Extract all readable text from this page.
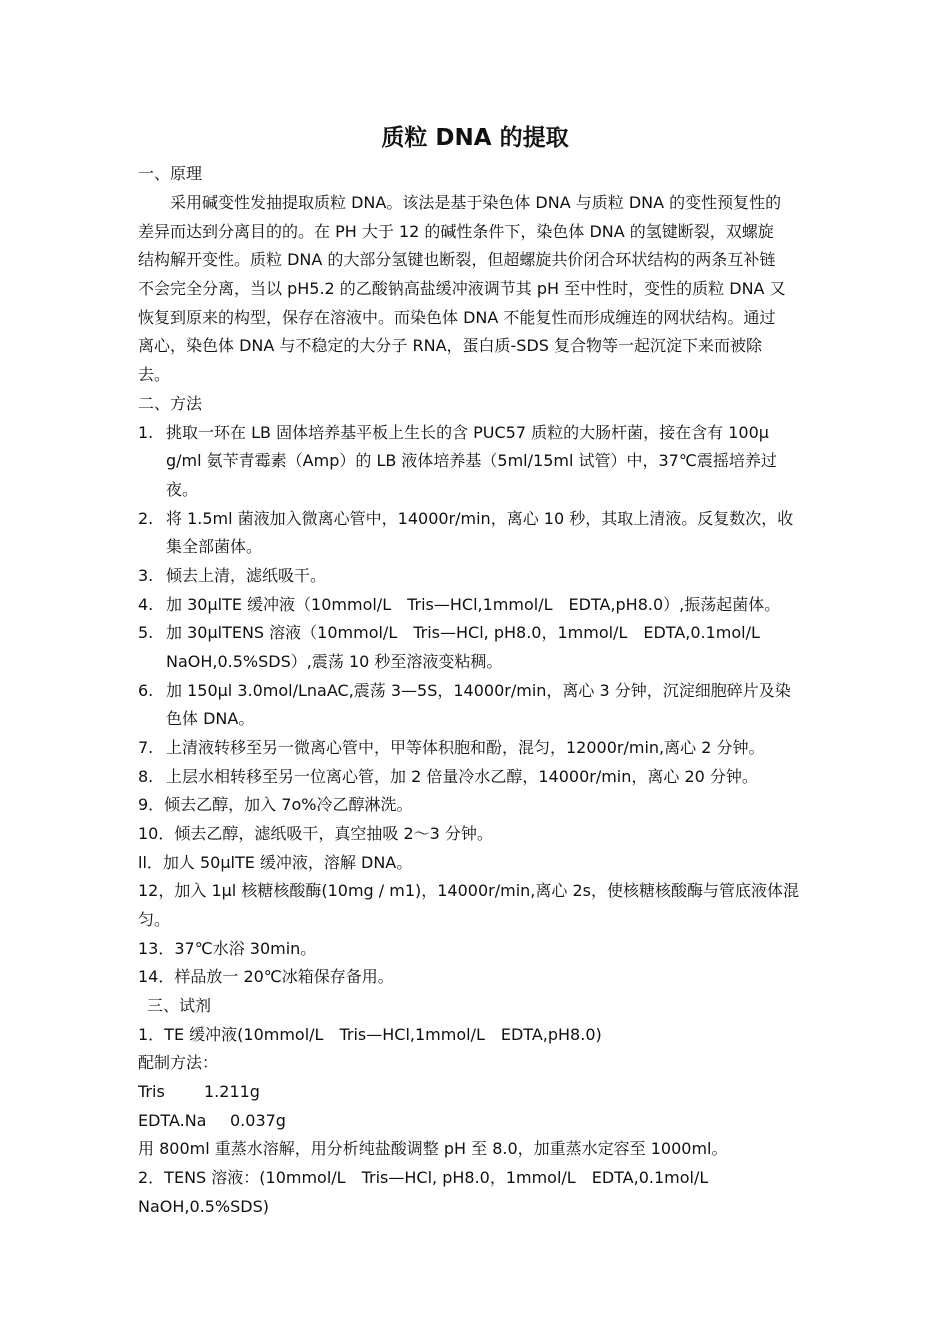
质粒 DNA 的提取
一、原理
采用碱变性发抽提取质粒 DNA。该法是基于染色体 DNA 与质粒 DNA 的变性预复性的
差异而达到分离目的的。在 PH 大于 12 的碱性条件下，染色体 DNA 的氢键断裂，双螺旋
结构解开变性。质粒 DNA 的大部分氢键也断裂，但超螺旋共价闭合环状结构的两条互补链
不会完全分离，当以 pH5.2 的乙酸钠高盐缓冲液调节其 pH 至中性时，变性的质粒 DNA 又
恢复到原来的构型，保存在溶液中。而染色体 DNA 不能复性而形成缠连的网状结构。通过
离心，染色体 DNA 与不稳定的大分子 RNA，蛋白质-SDS 复合物等一起沉淀下来而被除
去。
二、方法
1. 挑取一环在 LB 固体培养基平板上生长的含 PUC57 质粒的大肠杆菌，接在含有 100μ
g/ml 氨苄青霉素（Amp）的 LB 液体培养基（5ml/15ml 试管）中，37℃震摇培养过
夜。
2. 将 1.5ml 菌液加入微离心管中，14000r/min，离心 10 秒，其取上清液。反复数次，收
集全部菌体。
3. 倾去上清，滤纸吸干。
4. 加 30μlTE 缓冲液（10mmol/L　Tris—HCl,1mmol/L　EDTA,pH8.0）,振荡起菌体。
5. 加 30μlTENS 溶液（10mmol/L　Tris—HCl, pH8.0，1mmol/L　EDTA,0.1mol/L
NaOH,0.5%SDS）,震荡 10 秒至溶液变粘稠。
6. 加 150μl 3.0mol/LnaAC,震荡 3—5S，14000r/min，离心 3 分钟，沉淀细胞碎片及染
色体 DNA。
7. 上清液转移至另一微离心管中，甲等体积胞和酚，混匀，12000r/min,离心 2 分钟。
8. 上层水相转移至另一位离心管，加 2 倍量冷水乙醇，14000r/min，离心 20 分钟。
9．倾去乙醇，加入 7o%冷乙醇淋洗。
10．倾去乙醇，滤纸吸干，真空抽吸 2～3 分钟。
ll．加人 50μlTE 缓冲液，溶解 DNA。
12，加入 1μl 核糖核酸酶(10mg / m1)，14000r/min,离心 2s，使核糖核酸酶与管底液体混
匀。
13．37℃水浴 30min。
14．样品放一 20℃冰箱保存备用。
三、试剂
1．TE 缓冲液(10mmol/L　Tris—HCl,1mmol/L　EDTA,pH8.0)
配制方法：
Tris 1.211g
EDTA.Na 0.037g
用 800ml 重蒸水溶解，用分析纯盐酸调整 pH 至 8.0，加重蒸水定容至 1000ml。
2．TENS 溶液：(10mmol/L　Tris—HCl, pH8.0，1mmol/L　EDTA,0.1mol/L
NaOH,0.5%SDS)
